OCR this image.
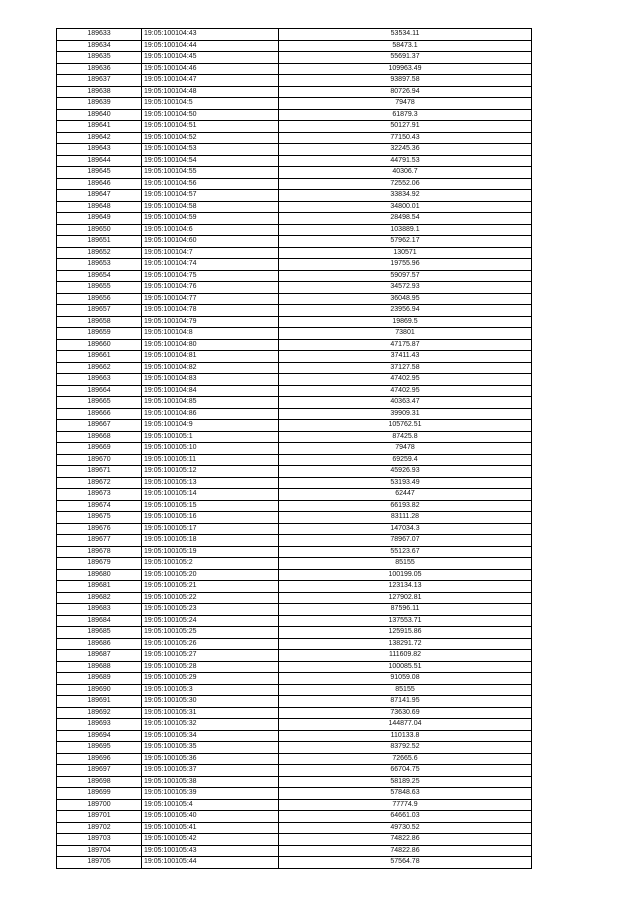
189633	19:05:100104:43	53534.11
189634	19:05:100104:44	58473.1
189635	19:05:100104:45	55691.37
189636	19:05:100104:46	109963.49
189637	19:05:100104:47	93897.58
189638	19:05:100104:48	80726.94
189639	19:05:100104:5	79478
189640	19:05:100104:50	61879.3
189641	19:05:100104:51	50127.91
189642	19:05:100104:52	77150.43
189643	19:05:100104:53	32245.36
189644	19:05:100104:54	44791.53
189645	19:05:100104:55	40306.7
189646	19:05:100104:56	72552.06
189647	19:05:100104:57	33834.92
189648	19:05:100104:58	34800.01
189649	19:05:100104:59	28498.54
189650	19:05:100104:6	103889.1
189651	19:05:100104:60	57962.17
189652	19:05:100104:7	130571
189653	19:05:100104:74	19755.96
189654	19:05:100104:75	59097.57
189655	19:05:100104:76	34572.93
189656	19:05:100104:77	36048.95
189657	19:05:100104:78	23956.94
189658	19:05:100104:79	19869.5
189659	19:05:100104:8	73801
189660	19:05:100104:80	47175.87
189661	19:05:100104:81	37411.43
189662	19:05:100104:82	37127.58
189663	19:05:100104:83	47402.95
189664	19:05:100104:84	47402.95
189665	19:05:100104:85	40363.47
189666	19:05:100104:86	39909.31
189667	19:05:100104:9	105762.51
189668	19:05:100105:1	87425.8
189669	19:05:100105:10	79478
189670	19:05:100105:11	69259.4
189671	19:05:100105:12	45926.93
189672	19:05:100105:13	53193.49
189673	19:05:100105:14	62447
189674	19:05:100105:15	66193.82
189675	19:05:100105:16	83111.28
189676	19:05:100105:17	147034.3
189677	19:05:100105:18	78967.07
189678	19:05:100105:19	55123.67
189679	19:05:100105:2	85155
189680	19:05:100105:20	100199.05
189681	19:05:100105:21	123134.13
189682	19:05:100105:22	127902.81
189683	19:05:100105:23	87596.11
189684	19:05:100105:24	137553.71
189685	19:05:100105:25	125915.86
189686	19:05:100105:26	138291.72
189687	19:05:100105:27	111609.82
189688	19:05:100105:28	100085.51
189689	19:05:100105:29	91059.08
189690	19:05:100105:3	85155
189691	19:05:100105:30	87141.95
189692	19:05:100105:31	73630.69
189693	19:05:100105:32	144877.04
189694	19:05:100105:34	110133.8
189695	19:05:100105:35	83792.52
189696	19:05:100105:36	72665.6
189697	19:05:100105:37	66704.75
189698	19:05:100105:38	58189.25
189699	19:05:100105:39	57848.63
189700	19:05:100105:4	77774.9
189701	19:05:100105:40	64661.03
189702	19:05:100105:41	49730.52
189703	19:05:100105:42	74822.86
189704	19:05:100105:43	74822.86
189705	19:05:100105:44	57564.78
